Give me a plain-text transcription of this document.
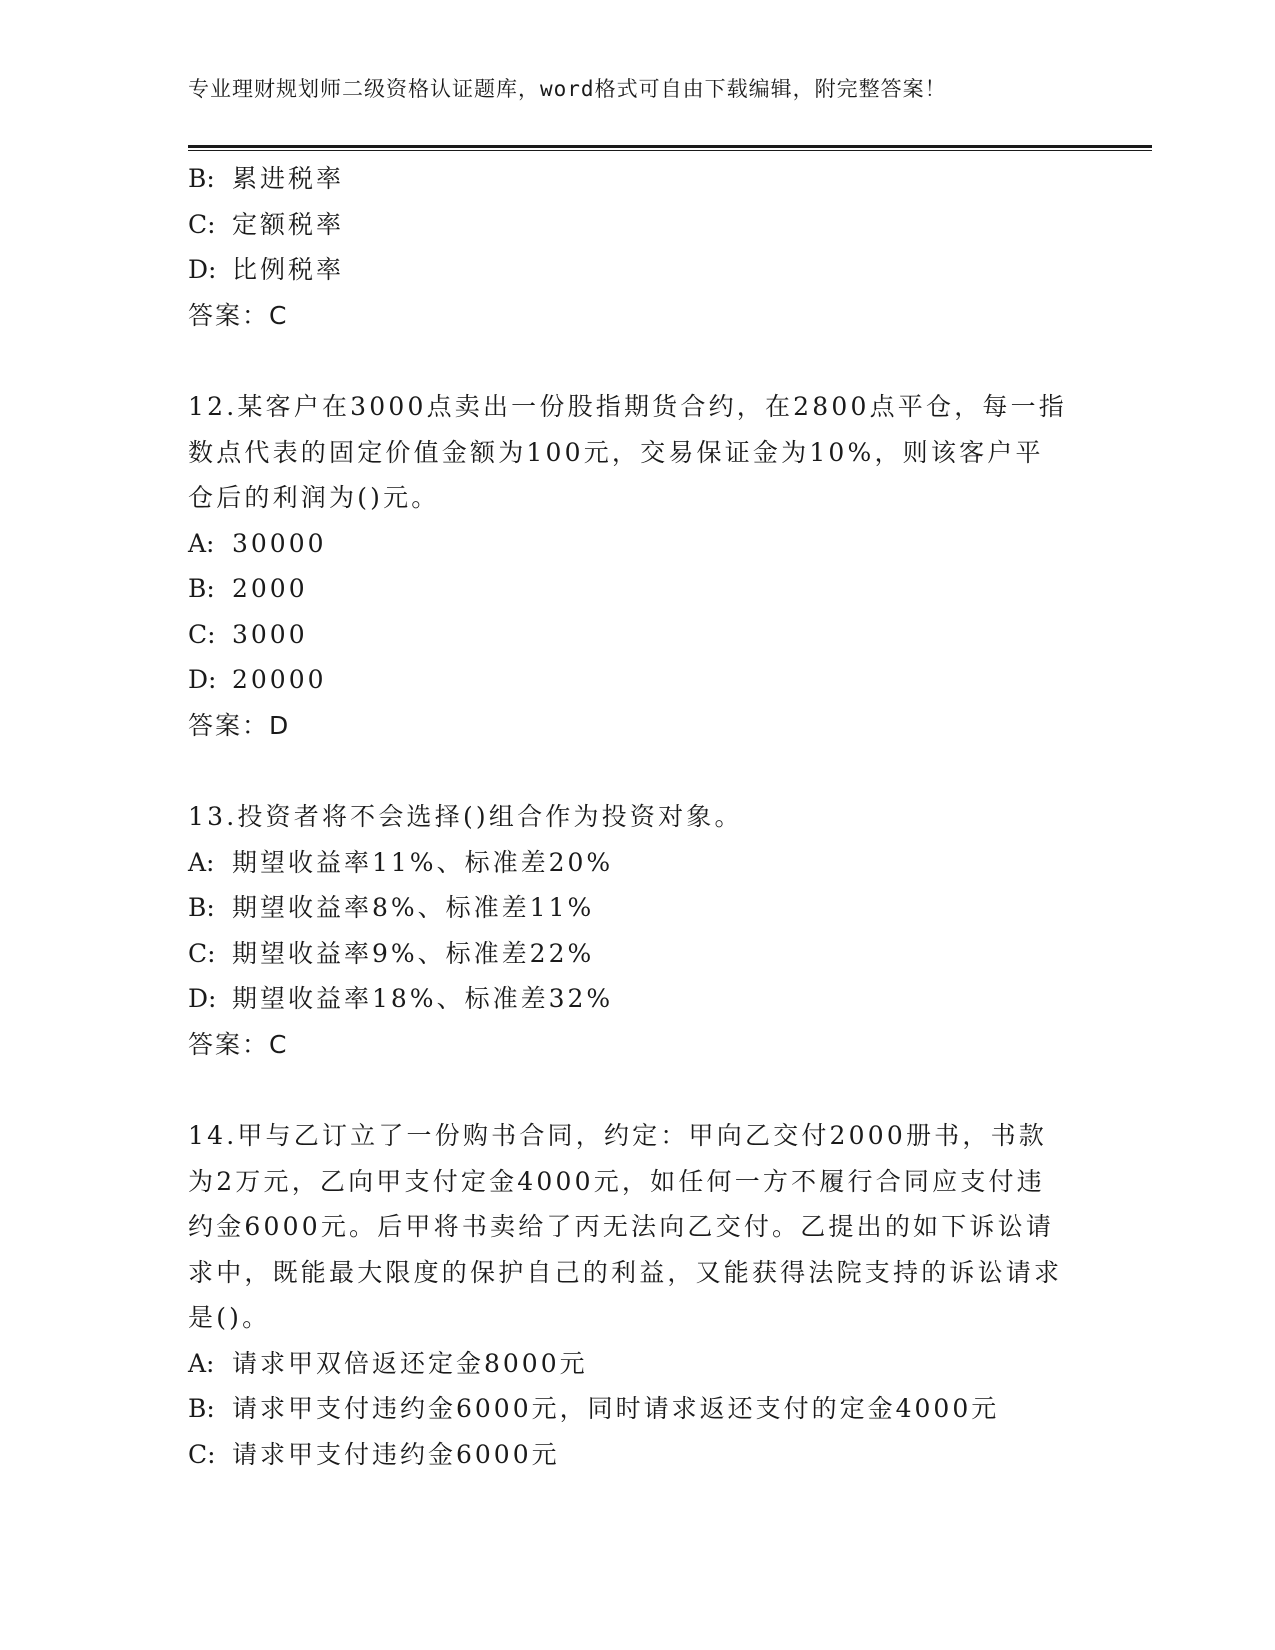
专业理财规划师二级资格认证题库，word格式可自由下载编辑，附完整答案！
B: 累进税率
C: 定额税率
D: 比例税率
答案：C
12.某客户在3000点卖出一份股指期货合约，在2800点平仓，每一指数点代表的固定价值金额为100元，交易保证金为10%，则该客户平仓后的利润为()元。
A: 30000
B: 2000
C: 3000
D: 20000
答案：D
13.投资者将不会选择()组合作为投资对象。
A: 期望收益率11%、标准差20%
B: 期望收益率8%、标准差11%
C: 期望收益率9%、标准差22%
D: 期望收益率18%、标准差32%
答案：C
14.甲与乙订立了一份购书合同，约定：甲向乙交付2000册书，书款为2万元，乙向甲支付定金4000元，如任何一方不履行合同应支付违约金6000元。后甲将书卖给了丙无法向乙交付。乙提出的如下诉讼请求中，既能最大限度的保护自己的利益，又能获得法院支持的诉讼请求是()。
A: 请求甲双倍返还定金8000元
B: 请求甲支付违约金6000元，同时请求返还支付的定金4000元
C: 请求甲支付违约金6000元
